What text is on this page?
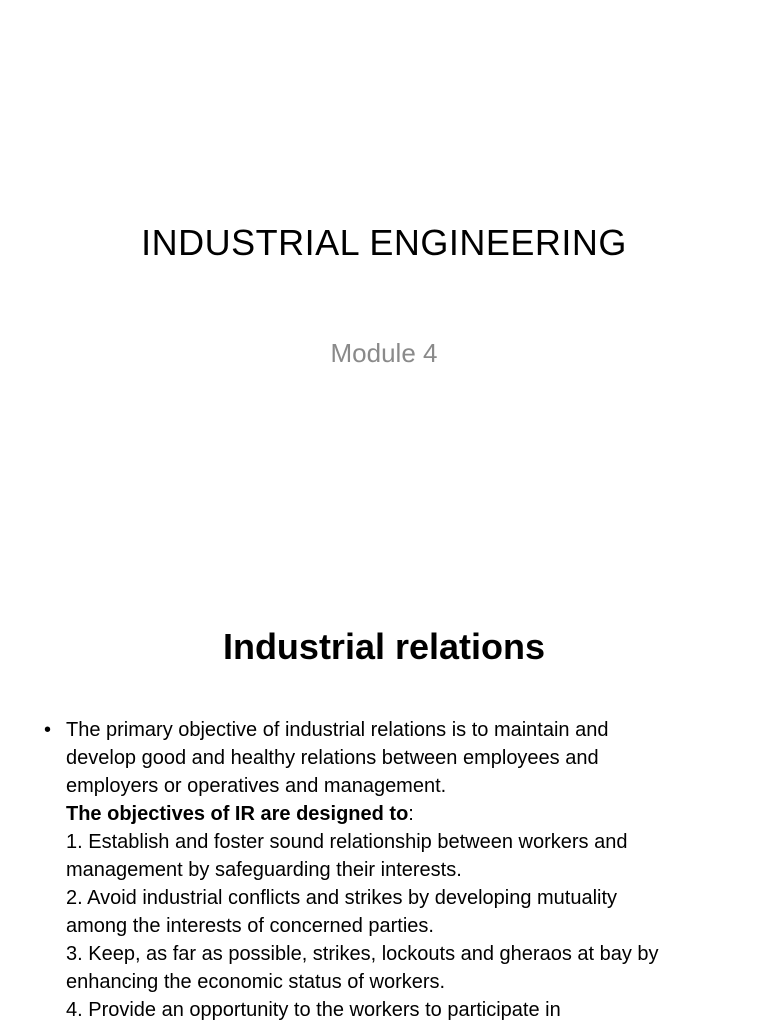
INDUSTRIAL ENGINEERING
Module 4
Industrial relations
• The primary objective of industrial relations is to maintain and
develop good and healthy relations between employees and
employers or operatives and management.
The objectives of IR are designed to:
1. Establish and foster sound relationship between workers and
management by safeguarding their interests.
2. Avoid industrial conflicts and strikes by developing mutuality
among the interests of concerned parties.
3. Keep, as far as possible, strikes, lockouts and gheraos at bay by
enhancing the economic status of workers.
4. Provide an opportunity to the workers to participate in
